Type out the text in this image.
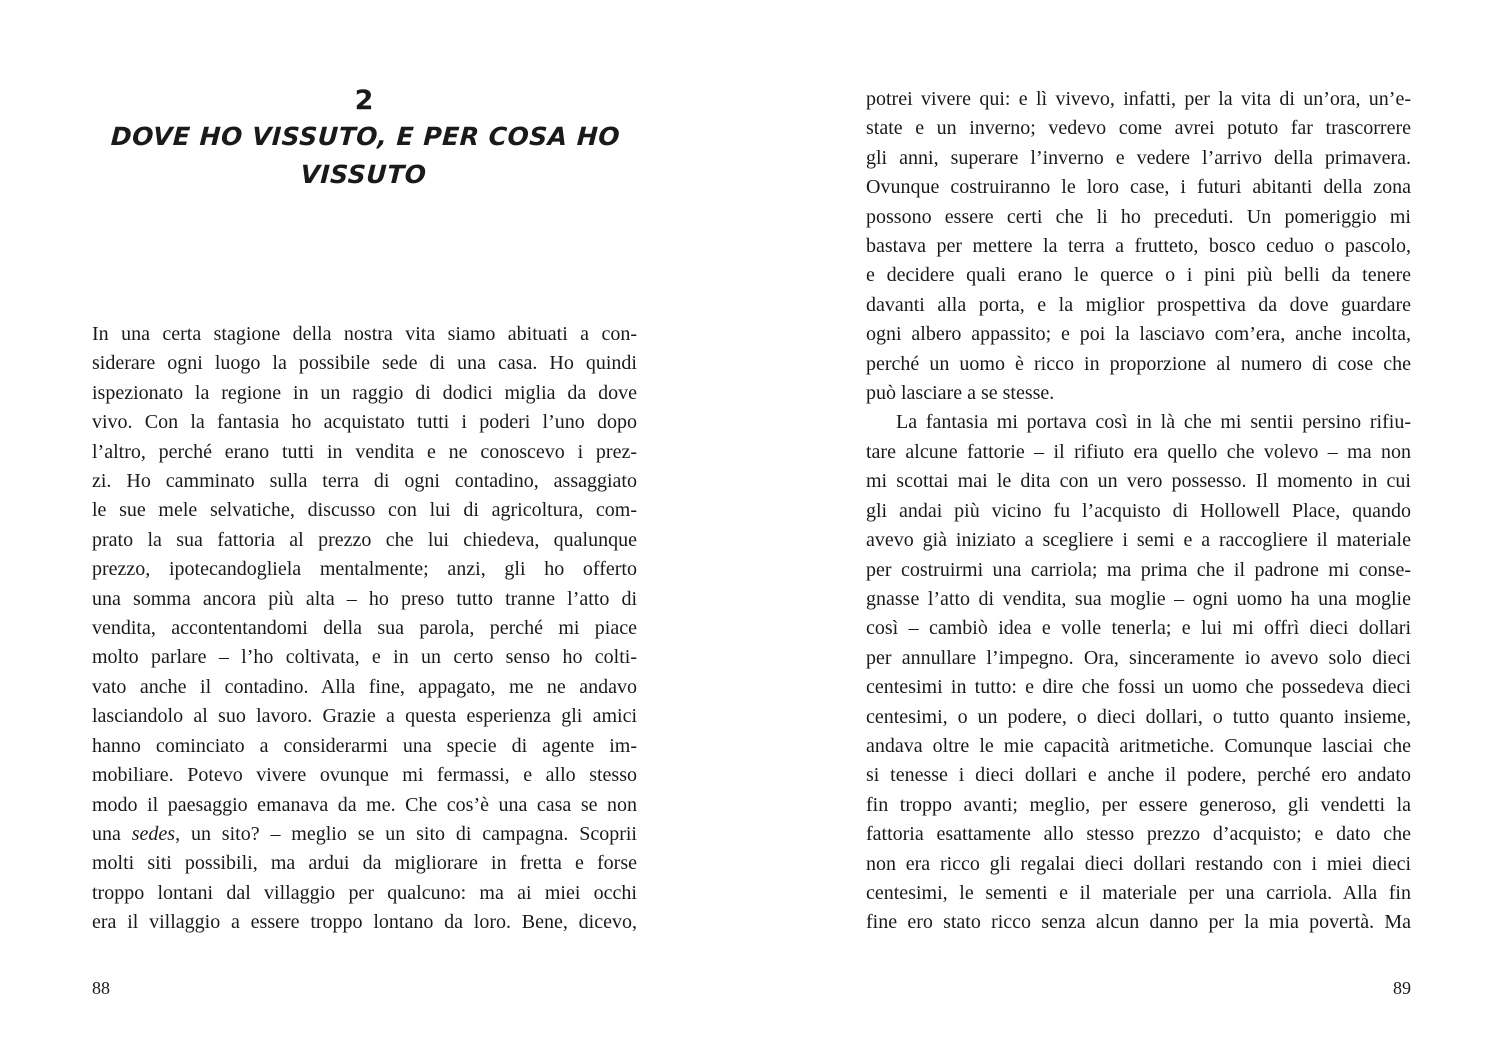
2
DOVE HO VISSUTO, E PER COSA HO VISSUTO
In una certa stagione della nostra vita siamo abituati a con-
siderare ogni luogo la possibile sede di una casa. Ho quindi
ispezionato la regione in un raggio di dodici miglia da dove
vivo. Con la fantasia ho acquistato tutti i poderi l’uno dopo
l’altro, perché erano tutti in vendita e ne conoscevo i prez-
zi. Ho camminato sulla terra di ogni contadino, assaggiato
le sue mele selvatiche, discusso con lui di agricoltura, com-
prato la sua fattoria al prezzo che lui chiedeva, qualunque
prezzo, ipotecandogliela mentalmente; anzi, gli ho offerto
una somma ancora più alta – ho preso tutto tranne l’atto di
vendita, accontentandomi della sua parola, perché mi piace
molto parlare – l’ho coltivata, e in un certo senso ho colti-
vato anche il contadino. Alla fine, appagato, me ne andavo
lasciandolo al suo lavoro. Grazie a questa esperienza gli amici
hanno cominciato a considerarmi una specie di agente im-
mobiliare. Potevo vivere ovunque mi fermassi, e allo stesso
modo il paesaggio emanava da me. Che cos’è una casa se non
una sedes, un sito? – meglio se un sito di campagna. Scoprii
molti siti possibili, ma ardui da migliorare in fretta e forse
troppo lontani dal villaggio per qualcuno: ma ai miei occhi
era il villaggio a essere troppo lontano da loro. Bene, dicevo,
88
potrei vivere qui: e lì vivevo, infatti, per la vita di un’ora, un’e-
state e un inverno; vedevo come avrei potuto far trascorrere
gli anni, superare l’inverno e vedere l’arrivo della primavera.
Ovunque costruiranno le loro case, i futuri abitanti della zona
possono essere certi che li ho preceduti. Un pomeriggio mi
bastava per mettere la terra a frutteto, bosco ceduo o pascolo,
e decidere quali erano le querce o i pini più belli da tenere
davanti alla porta, e la miglior prospettiva da dove guardare
ogni albero appassito; e poi la lasciavo com’era, anche incolta,
perché un uomo è ricco in proporzione al numero di cose che
può lasciare a se stesse.
La fantasia mi portava così in là che mi sentii persino rifiu-
tare alcune fattorie – il rifiuto era quello che volevo – ma non
mi scottai mai le dita con un vero possesso. Il momento in cui
gli andai più vicino fu l’acquisto di Hollowell Place, quando
avevo già iniziato a scegliere i semi e a raccogliere il materiale
per costruirmi una carriola; ma prima che il padrone mi conse-
gnasse l’atto di vendita, sua moglie – ogni uomo ha una moglie
così – cambiò idea e volle tenerla; e lui mi offrì dieci dollari
per annullare l’impegno. Ora, sinceramente io avevo solo dieci
centesimi in tutto: e dire che fossi un uomo che possedeva dieci
centesimi, o un podere, o dieci dollari, o tutto quanto insieme,
andava oltre le mie capacità aritmetiche. Comunque lasciai che
si tenesse i dieci dollari e anche il podere, perché ero andato
fin troppo avanti; meglio, per essere generoso, gli vendetti la
fattoria esattamente allo stesso prezzo d’acquisto; e dato che
non era ricco gli regalai dieci dollari restando con i miei dieci
centesimi, le sementi e il materiale per una carriola. Alla fin
fine ero stato ricco senza alcun danno per la mia povertà. Ma
89
